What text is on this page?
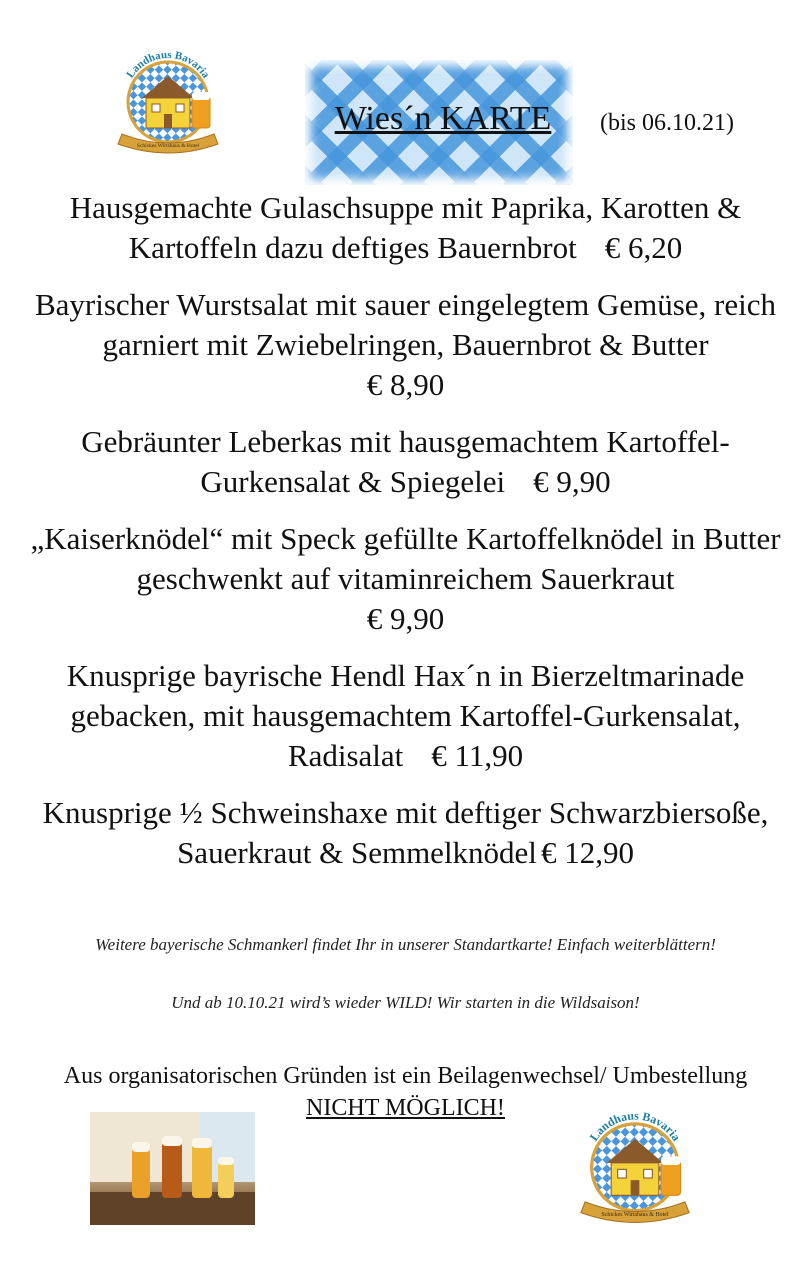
Landhaus Bavaria
Schickes Wirtshaus & Hotel
Wies´n KARTE	(bis 06.10.21)
Hausgemachte Gulaschsuppe mit Paprika, Karotten & Kartoffeln dazu deftiges Bauernbrot € 6,20
Bayrischer Wurstsalat mit sauer eingelegtem Gemüse, reich garniert mit Zwiebelringen, Bauernbrot & Butter
€ 8,90
Gebräunter Leberkas mit hausgemachtem Kartoffel-Gurkensalat & Spiegelei € 9,90
„Kaiserknödel“ mit Speck gefüllte Kartoffelknödel in Butter geschwenkt auf vitaminreichem Sauerkraut
€ 9,90
Knusprige bayrische Hendl Hax´n in Bierzeltmarinade gebacken, mit hausgemachtem Kartoffel-Gurkensalat, Radisalat € 11,90
Knusprige ½ Schweinshaxe mit deftiger Schwarzbiersoße, Sauerkraut & Semmelknödel € 12,90
Weitere bayerische Schmankerl findet Ihr in unserer Standartkarte! Einfach weiterblättern!
Und ab 10.10.21 wird’s wieder WILD! Wir starten in die Wildsaison!
Aus organisatorischen Gründen ist ein Beilagenwechsel/ Umbestellung
NICHT MÖGLICH!
Landhaus Bavaria
Schickes Wirtshaus & Hotel
